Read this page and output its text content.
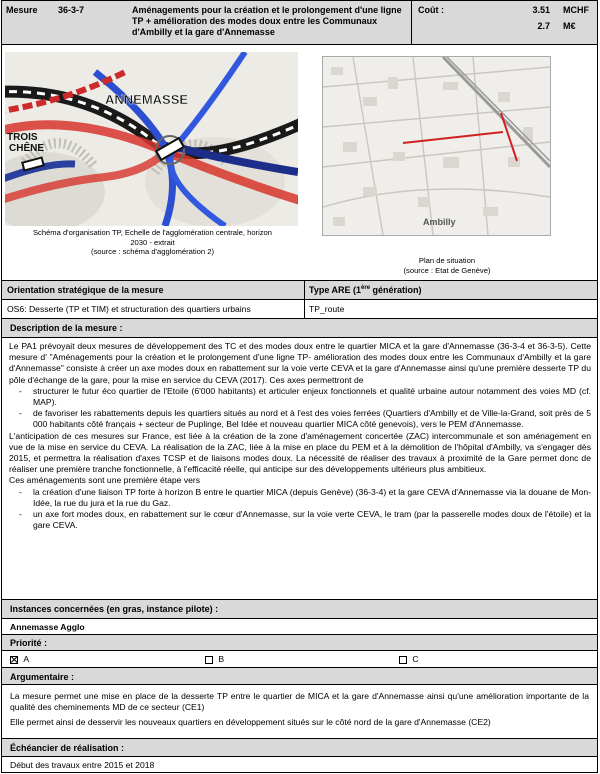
Mesure 36-3-7	Aménagements pour la création et le prolongement d'une ligne TP + amélioration des modes doux entre les Communaux d'Ambilly et la gare d'Annemasse
Coût :	3.51 MCHF
2.7 M€
ANNEMASSE
TROIS
CHÊNE
Schéma d'organisation TP, Echelle de l'agglomération centrale, horizon
2030 - extrait
(source : schéma d'agglomération 2)
Ambilly
Plan de situation
(source : Etat de Genève)
Orientation stratégique de la mesure	Type ARE (1ère génération)
OS6: Desserte (TP et TIM) et structuration des quartiers urbains	TP_route
Description de la mesure :
Le PA1 prévoyait deux mesures de développement des TC et des modes doux entre le quartier MICA et la gare d'Annemasse (36-3-4 et 36-3-5). Cette mesure d' "Aménagements pour la création et le prolongement d'une ligne TP- amélioration des modes doux entre les Communaux d'Ambilly et la gare d'Annemasse" consiste à créer un axe modes doux en rabattement sur la voie verte CEVA et la gare d'Annemasse ainsi qu'une première desserte TP du pôle d'échange de la gare, pour la mise en service du CEVA (2017). Ces axes permettront de
- structurer le futur éco quartier de l'Etoile (6'000 habitants) et articuler enjeux fonctionnels et qualité urbaine autour notamment des voies MD (cf. MAP).
- de favoriser les rabattements depuis les quartiers situés au nord et à l'est des voies ferrées (Quartiers d'Ambilly et de Ville-la-Grand, soit près de 5 000 habitants côté français + secteur de Puplinge, Bel Idée et nouveau quartier MICA côté genevois), vers le PEM d'Annemasse.
L'anticipation de ces mesures sur France, est liée à la création de la zone d'aménagement concertée (ZAC) intercommunale et son aménagement en vue de la mise en service du CEVA. La réalisation de la ZAC, liée à la mise en place du PEM et à la démolition de l'hôpital d'Ambilly, va s'engager dès 2015, et permettra la réalisation d'axes TCSP et de liaisons modes doux. La nécessité de réaliser des travaux à proximité de la Gare permet donc de réaliser une première tranche fonctionnelle, à l'efficacité réelle, qui anticipe sur des développements ultérieurs plus ambitieux.
Ces aménagements sont une première étape vers
- la création d'une liaison TP forte à horizon B entre le quartier MICA (depuis Genève) (36-3-4) et la gare CEVA d'Annemasse via la douane de Mon-Idée, la rue du jura et la rue du Gaz.
- un axe fort modes doux, en rabattement sur le cœur d'Annemasse, sur la voie verte CEVA, le tram (par la passerelle modes doux de l'étoile) et la gare CEVA.
Instances concernées (en gras, instance pilote) :
Annemasse Agglo
Priorité :
A	B	C
Argumentaire :
La mesure permet une mise en place de la desserte TP entre le quartier de MICA et la gare d'Annemasse ainsi qu'une amélioration importante de la qualité des cheminements MD de ce secteur (CE1)
Elle permet ainsi de desservir les nouveaux quartiers en développement situés sur le côté nord de la gare d'Annemasse (CE2)
Échéancier de réalisation :
Début des travaux entre 2015 et 2018
